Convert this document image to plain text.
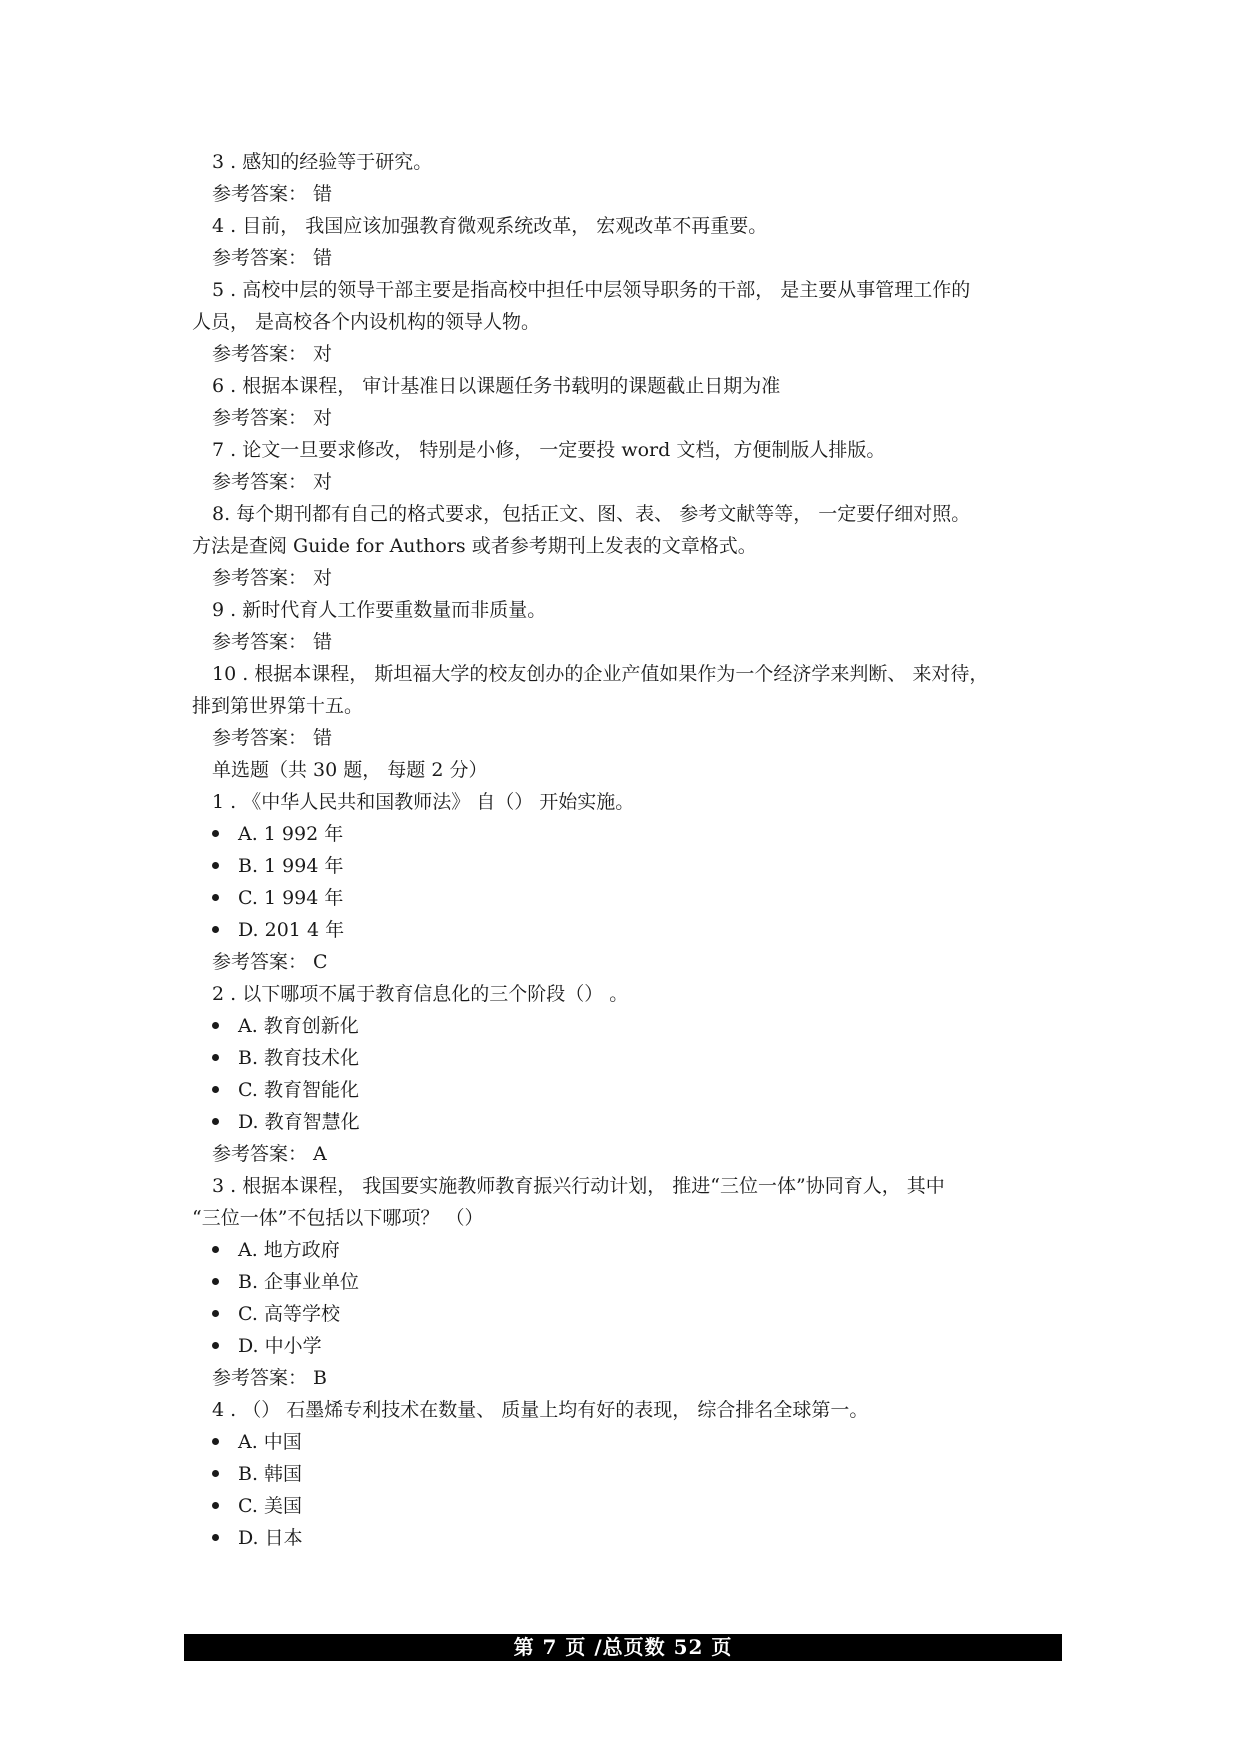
3 . 感知的经验等于研究。
参考答案： 错
4 . 目前， 我国应该加强教育微观系统改革， 宏观改革不再重要。
参考答案： 错
5 . 高校中层的领导干部主要是指高校中担任中层领导职务的干部， 是主要从事管理工作的
人员， 是高校各个内设机构的领导人物。
参考答案： 对
6 . 根据本课程， 审计基准日以课题任务书载明的课题截止日期为准
参考答案： 对
7 . 论文一旦要求修改， 特别是小修， 一定要投 word 文档，方便制版人排版。
参考答案： 对
8. 每个期刊都有自己的格式要求，包括正文、图、表、 参考文献等等， 一定要仔细对照。
方法是查阅 Guide for Authors 或者参考期刊上发表的文章格式。
参考答案： 对
9 . 新时代育人工作要重数量而非质量。
参考答案： 错
10 . 根据本课程， 斯坦福大学的校友创办的企业产值如果作为一个经济学来判断、 来对待，
排到第世界第十五。
参考答案： 错
单选题（共 30 题， 每题 2 分）
1 . 《中华人民共和国教师法》 自（） 开始实施。
A. 1 992 年
B. 1 994 年
C. 1 994 年
D. 201 4 年
参考答案： C
2 . 以下哪项不属于教育信息化的三个阶段（） 。
A. 教育创新化
B. 教育技术化
C. 教育智能化
D. 教育智慧化
参考答案： A
3 . 根据本课程， 我国要实施教师教育振兴行动计划， 推进“三位一体”协同育人， 其中
“三位一体”不包括以下哪项？ （）
A. 地方政府
B. 企事业单位
C. 高等学校
D. 中小学
参考答案： B
4 . （） 石墨烯专利技术在数量、 质量上均有好的表现， 综合排名全球第一。
A. 中国
B. 韩国
C. 美国
D. 日本
第 7 页 /总页数 52 页
